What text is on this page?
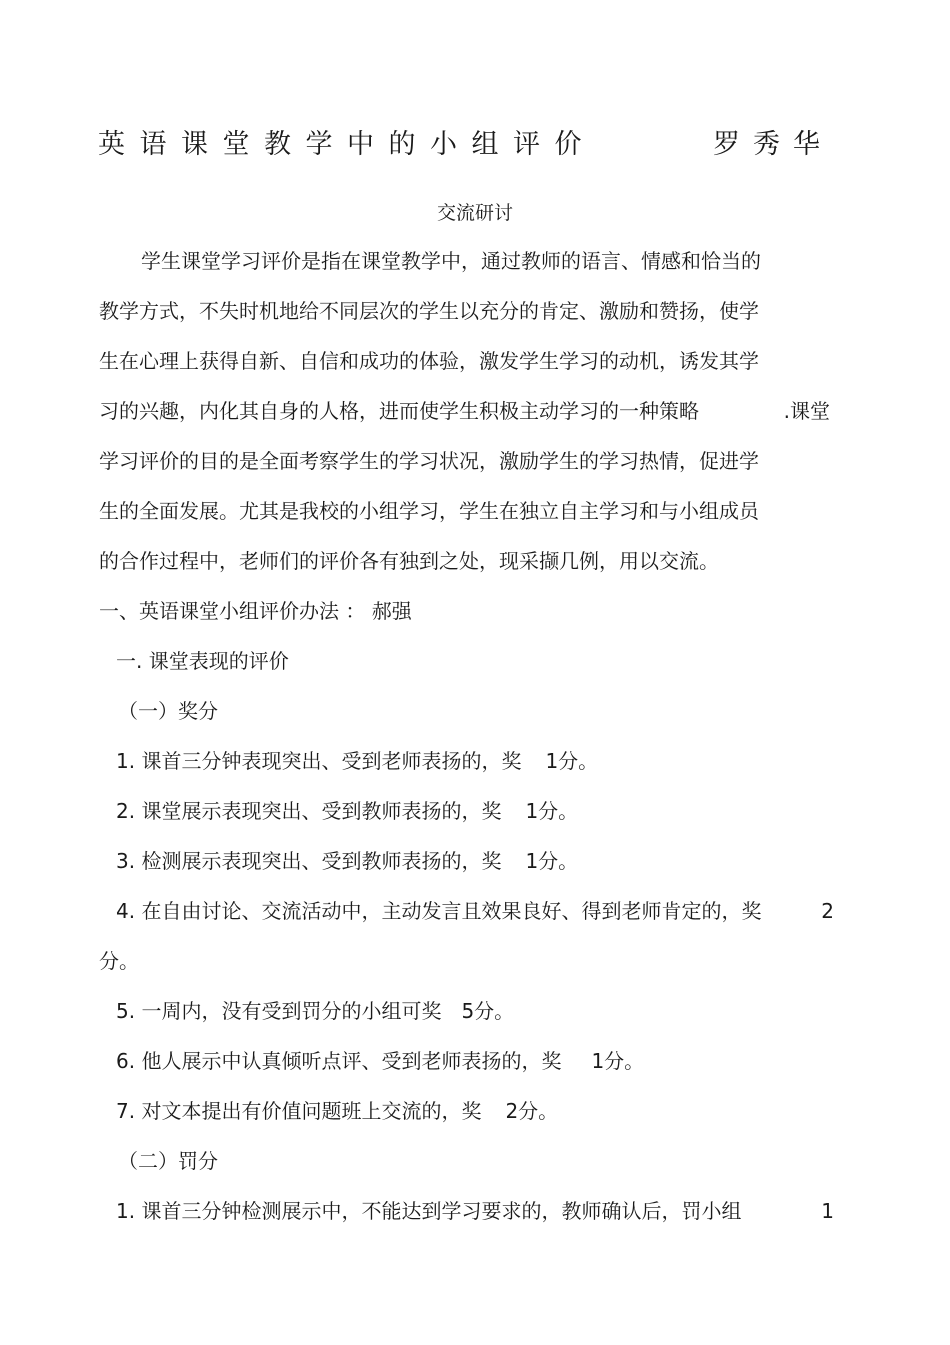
英语课堂教学中的小组评价	罗秀华
交流研讨
学生课堂学习评价是指在课堂教学中，通过教师的语言、情感和恰当的
教学方式，不失时机地给不同层次的学生以充分的肯定、激励和赞扬，使学
生在心理上获得自新、自信和成功的体验，激发学生学习的动机，诱发其学
习的兴趣，内化其自身的人格，进而使学生积极主动学习的一种策略	.课堂
学习评价的目的是全面考察学生的学习状况，激励学生的学习热情，促进学
生的全面发展。尤其是我校的小组学习，学生在独立自主学习和与小组成员
的合作过程中，老师们的评价各有独到之处，现采撷几例，用以交流。
一、英语课堂小组评价办法 ： 郝强
一. 课堂表现的评价
（一）奖分
1. 课首三分钟表现突出、受到老师表扬的，奖 1分。
2. 课堂展示表现突出、受到教师表扬的，奖 1分。
3. 检测展示表现突出、受到教师表扬的，奖 1分。
4. 在自由讨论、交流活动中，主动发言且效果良好、得到老师肯定的，奖	2
分。
5. 一周内，没有受到罚分的小组可奖 5分。
6. 他人展示中认真倾听点评、受到老师表扬的，奖 1分。
7. 对文本提出有价值问题班上交流的，奖 2分。
（二）罚分
1. 课首三分钟检测展示中，不能达到学习要求的，教师确认后，罚小组	1
